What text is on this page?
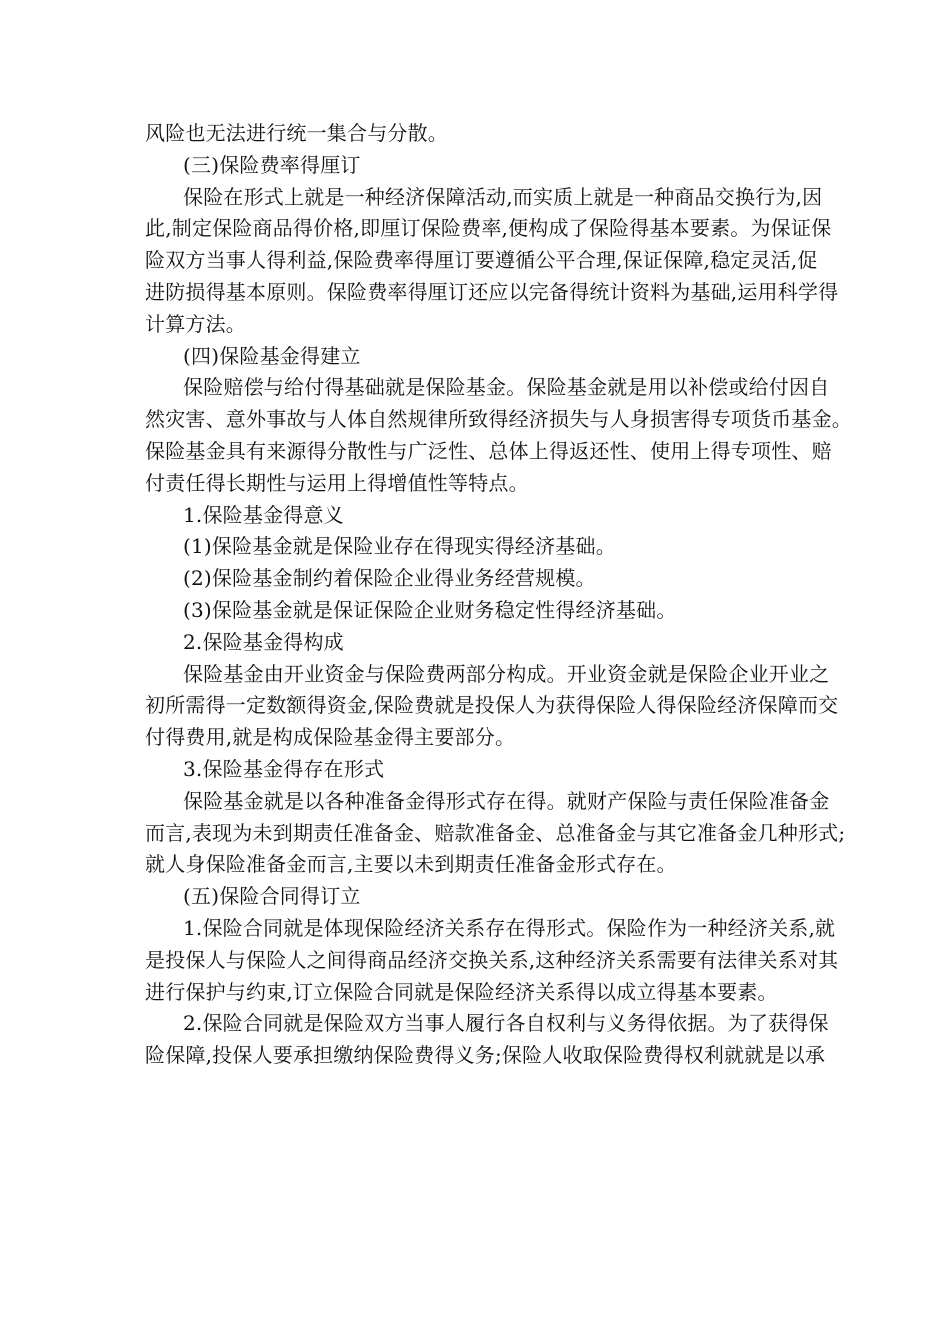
风险也无法进行统一集合与分散。
(三)保险费率得厘订
保险在形式上就是一种经济保障活动,而实质上就是一种商品交换行为,因
此,制定保险商品得价格,即厘订保险费率,便构成了保险得基本要素。为保证保
险双方当事人得利益,保险费率得厘订要遵循公平合理,保证保障,稳定灵活,促
进防损得基本原则。保险费率得厘订还应以完备得统计资料为基础,运用科学得
计算方法。
(四)保险基金得建立
保险赔偿与给付得基础就是保险基金。保险基金就是用以补偿或给付因自
然灾害、意外事故与人体自然规律所致得经济损失与人身损害得专项货币基金。
保险基金具有来源得分散性与广泛性、总体上得返还性、使用上得专项性、赔
付责任得长期性与运用上得增值性等特点。
1.保险基金得意义
(1)保险基金就是保险业存在得现实得经济基础。
(2)保险基金制约着保险企业得业务经营规模。
(3)保险基金就是保证保险企业财务稳定性得经济基础。
2.保险基金得构成
保险基金由开业资金与保险费两部分构成。开业资金就是保险企业开业之
初所需得一定数额得资金,保险费就是投保人为获得保险人得保险经济保障而交
付得费用,就是构成保险基金得主要部分。
3.保险基金得存在形式
保险基金就是以各种准备金得形式存在得。就财产保险与责任保险准备金
而言,表现为未到期责任准备金、赔款准备金、总准备金与其它准备金几种形式;
就人身保险准备金而言,主要以未到期责任准备金形式存在。
(五)保险合同得订立
1.保险合同就是体现保险经济关系存在得形式。保险作为一种经济关系,就
是投保人与保险人之间得商品经济交换关系,这种经济关系需要有法律关系对其
进行保护与约束,订立保险合同就是保险经济关系得以成立得基本要素。
2.保险合同就是保险双方当事人履行各自权利与义务得依据。为了获得保
险保障,投保人要承担缴纳保险费得义务;保险人收取保险费得权利就就是以承
